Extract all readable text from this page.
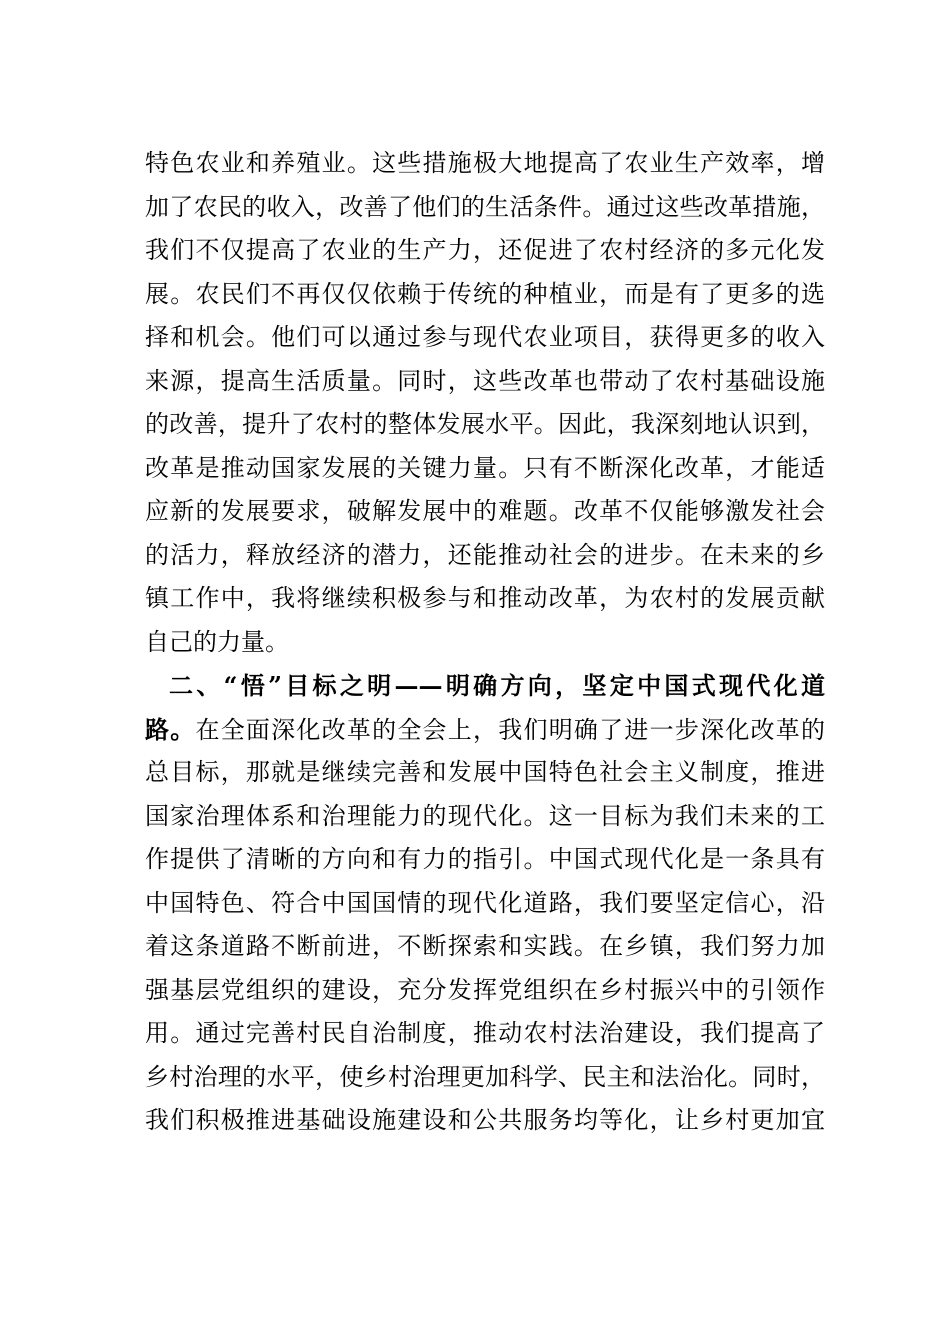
特色农业和养殖业。这些措施极大地提高了农业生产效率，增
加了农民的收入，改善了他们的生活条件。通过这些改革措施，
我们不仅提高了农业的生产力，还促进了农村经济的多元化发
展。农民们不再仅仅依赖于传统的种植业，而是有了更多的选
择和机会。他们可以通过参与现代农业项目，获得更多的收入
来源，提高生活质量。同时，这些改革也带动了农村基础设施
的改善，提升了农村的整体发展水平。因此，我深刻地认识到，
改革是推动国家发展的关键力量。只有不断深化改革，才能适
应新的发展要求，破解发展中的难题。改革不仅能够激发社会
的活力，释放经济的潜力，还能推动社会的进步。在未来的乡
镇工作中，我将继续积极参与和推动改革，为农村的发展贡献
自己的力量。
二、“悟”目标之明——明确方向，坚定中国式现代化道
路。在全面深化改革的全会上，我们明确了进一步深化改革的
总目标，那就是继续完善和发展中国特色社会主义制度，推进
国家治理体系和治理能力的现代化。这一目标为我们未来的工
作提供了清晰的方向和有力的指引。中国式现代化是一条具有
中国特色、符合中国国情的现代化道路，我们要坚定信心，沿
着这条道路不断前进，不断探索和实践。在乡镇，我们努力加
强基层党组织的建设，充分发挥党组织在乡村振兴中的引领作
用。通过完善村民自治制度，推动农村法治建设，我们提高了
乡村治理的水平，使乡村治理更加科学、民主和法治化。同时，
我们积极推进基础设施建设和公共服务均等化，让乡村更加宜
